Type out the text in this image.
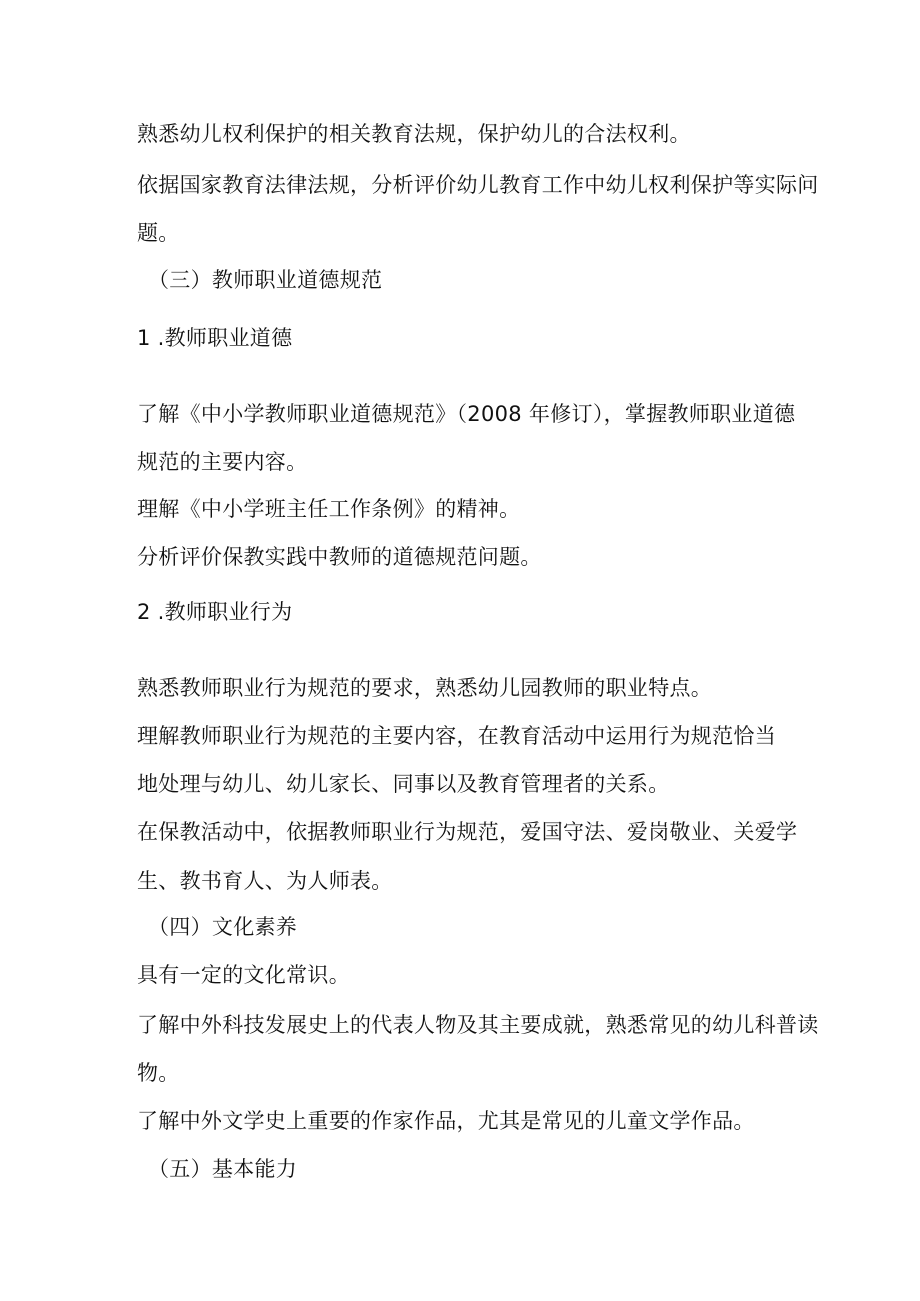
熟悉幼儿权利保护的相关教育法规，保护幼儿的合法权利。
依据国家教育法律法规，分析评价幼儿教育工作中幼儿权利保护等实际问
题。
（三）教师职业道德规范
1 .教师职业道德
了解《中小学教师职业道德规范》（2008 年修订），掌握教师职业道德
规范的主要内容。
理解《中小学班主任工作条例》的精神。
分析评价保教实践中教师的道德规范问题。
2 .教师职业行为
熟悉教师职业行为规范的要求，熟悉幼儿园教师的职业特点。
理解教师职业行为规范的主要内容，在教育活动中运用行为规范恰当
地处理与幼儿、幼儿家长、同事以及教育管理者的关系。
在保教活动中，依据教师职业行为规范，爱国守法、爱岗敬业、关爱学
生、教书育人、为人师表。
（四）文化素养
具有一定的文化常识。
了解中外科技发展史上的代表人物及其主要成就，熟悉常见的幼儿科普读
物。
了解中外文学史上重要的作家作品，尤其是常见的儿童文学作品。
（五）基本能力
